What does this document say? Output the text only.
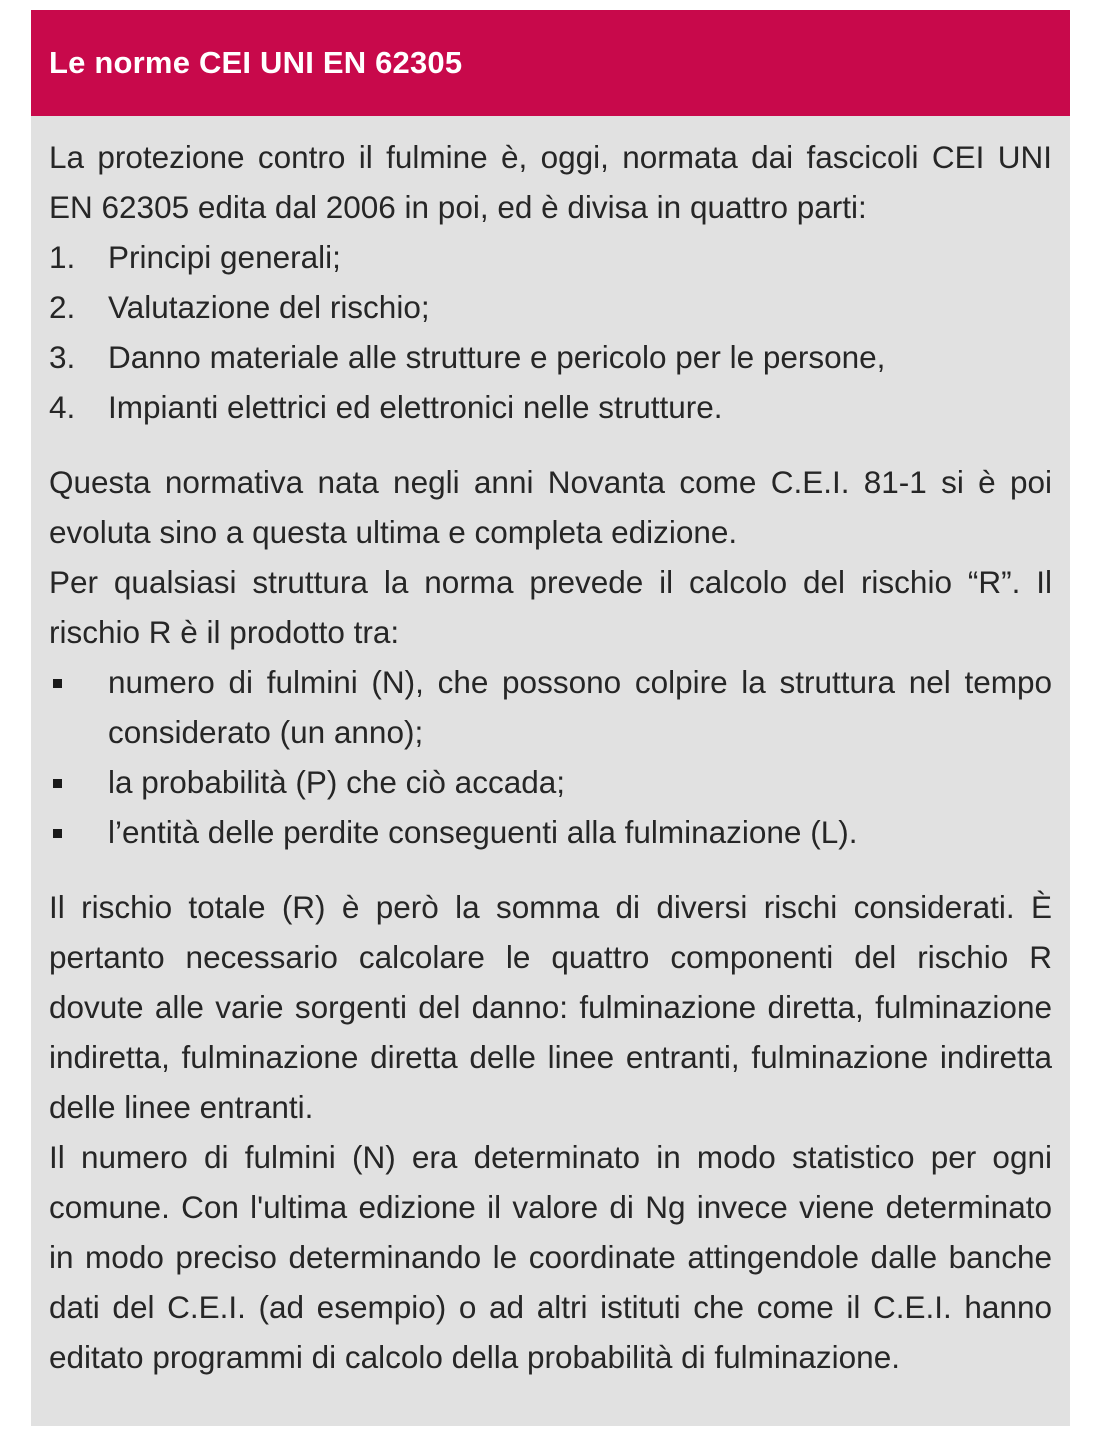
Le norme CEI UNI EN 62305

La protezione contro il fulmine è, oggi, normata dai fascicoli CEI UNI EN 62305 edita dal 2006 in poi, ed è divisa in quattro parti:

1.	Principi generali;
2.	Valutazione del rischio;
3.	Danno materiale alle strutture e pericolo per le persone,
4.	Impianti elettrici ed elettronici nelle strutture.

Questa normativa nata negli anni Novanta come C.E.I. 81-1 si è poi evoluta sino a questa ultima e completa edizione.

Per qualsiasi struttura la norma prevede il calcolo del rischio “R”. Il rischio R è il prodotto tra:

numero di fulmini (N), che possono colpire la struttura nel tempo considerato (un anno);
la probabilità (P) che ciò accada;
l’entità delle perdite conseguenti alla fulminazione (L).

Il rischio totale (R) è però la somma di diversi rischi considerati. È pertanto necessario calcolare le quattro componenti del rischio R dovute alle varie sorgenti del danno: fulminazione diretta, fulminazione indiretta, fulminazione diretta delle linee entranti, fulminazione indiretta delle linee entranti.

Il numero di fulmini (N) era determinato in modo statistico per ogni comune. Con l'ultima edizione il valore di Ng invece viene determinato in modo preciso determinando le coordinate attingendole dalle banche dati del C.E.I. (ad esempio) o ad altri istituti che come il C.E.I. hanno editato programmi di calcolo della probabilità di fulminazione.
